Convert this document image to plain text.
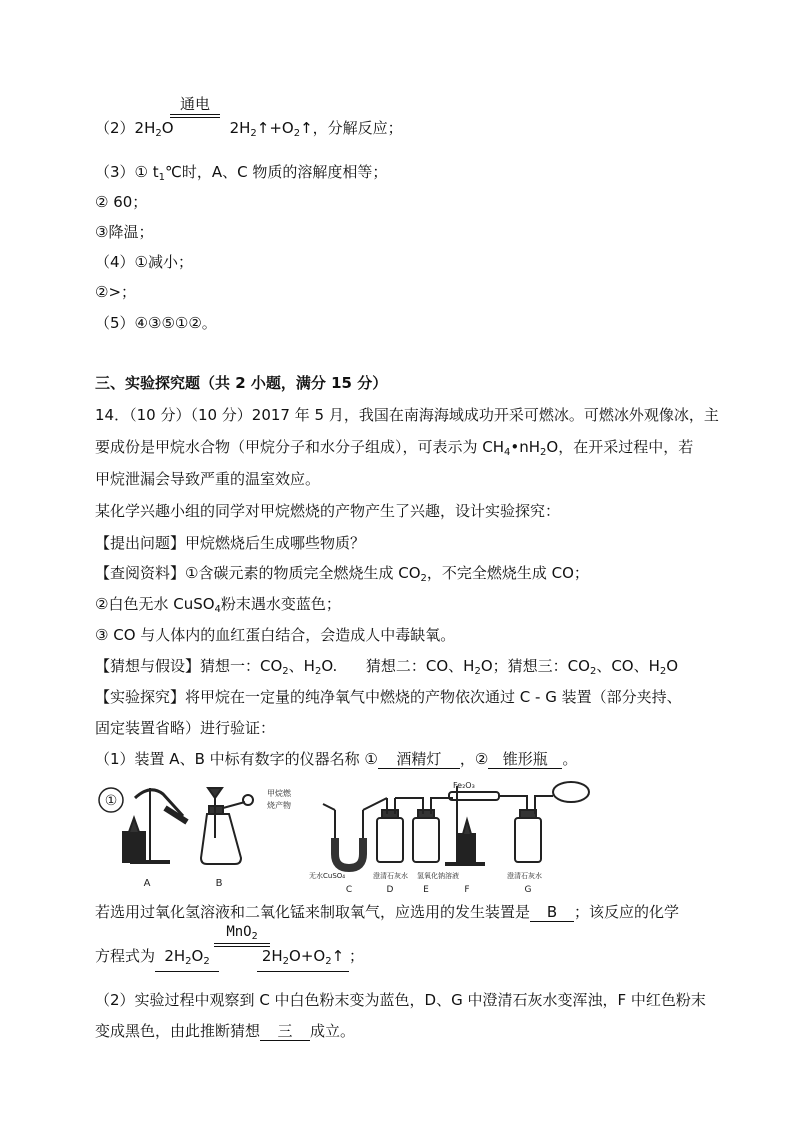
$(2)2H_2O$	$2H_2↑+O_2↑$，分解反应；
通电
（3）① $t_1℃$时，A、C 物质的溶解度相等；
② 60；
③降温；
（4）①减小；
②>；
（5）④③⑤①②。
三、实验探究题（共 2 小题，满分 15 分）
14．（10 分）（10 分）2017 年 5 月，我国在南海海域成功开采可燃冰。可燃冰外观像冰，主
要成份是甲烷水合物（甲烷分子和水分子组成），可表示为 $CH_4•nH_2O$，在开采过程中，若
甲烷泄漏会导致严重的温室效应。
某化学兴趣小组的同学对甲烷燃烧的产物产生了兴趣，设计实验探究：
【提出问题】甲烷燃烧后生成哪些物质？
【查阅资料】①含碳元素的物质完全燃烧生成 $CO_2$，不完全燃烧生成 CO；
②白色无水 CuSO$_4$粉末遇水变蓝色；
③ CO 与人体内的血红蛋白结合，会造成人中毒缺氧。
【猜想与假设】猜想一：$CO_2$、$H_2O$.      猜想二：CO、$H_2O$；猜想三：$CO_2$、CO、$H_2O$
【实验探究】将甲烷在一定量的纯净氧气中燃烧的产物依次通过 C - G 装置（部分夹持、
固定装置省略）进行验证：
（1）装置 A、B 中标有数字的仪器名称 ① 酒精灯 ，② 锥形瓶 。
①
A	B
甲烷燃
烧产物
Fe₂O₃
无水CuSO₄	澄清石灰水 氢氧化钠溶液	澄清石灰水
C	D	E	F	G
若选用过氧化氢溶液和二氧化锰来制取氧气，应选用的发生装置是 B ；该反应的化学
方程式为 $2H_2O_2$	$2H_2O+O_2↑$ ；
MnO$_2$
（2）实验过程中观察到 C 中白色粉末变为蓝色，D、G 中澄清石灰水变浑浊，F 中红色粉末
变成黑色，由此推断猜想 三 成立。
